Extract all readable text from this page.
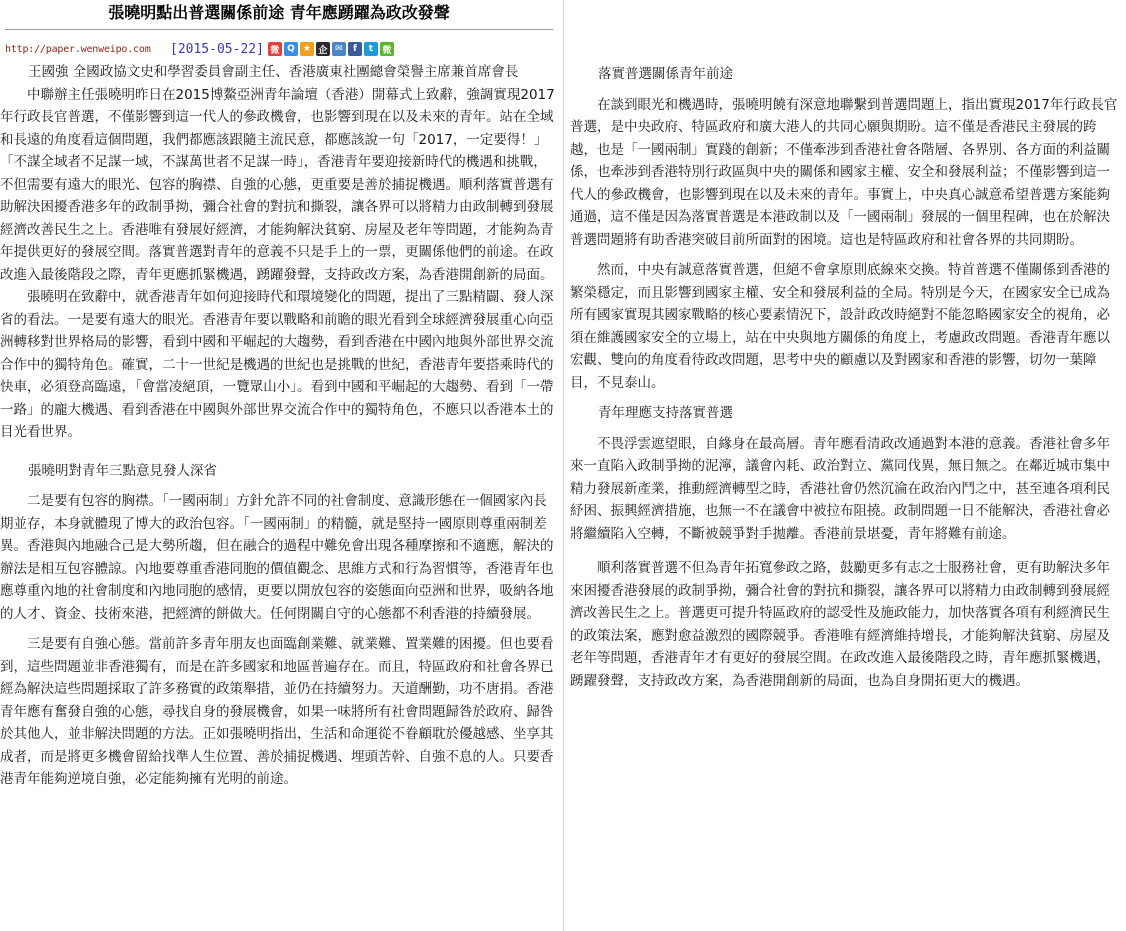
張曉明點出普選關係前途 青年應踴躍為政改發聲
http://paper.wenweipo.com	[2015-05-22] 微 Q ★ 企 ✉	f	t	微

王國強 全國政協文史和學習委員會副主任、香港廣東社團總會榮譽主席兼首席會長

中聯辦主任張曉明昨日在2015博鰲亞洲青年論壇（香港）開幕式上致辭，強調實現2017年行政長官普選，不僅影響到這一代人的參政機會，也影響到現在以及未來的青年。站在全域和長遠的角度看這個問題，我們都應該跟隨主流民意，都應該說一句「2017，一定要得！」「不謀全域者不足謀一域，不謀萬世者不足謀一時」，香港青年要迎接新時代的機遇和挑戰，不但需要有遠大的眼光、包容的胸襟、自強的心態，更重要是善於捕捉機遇。順利落實普選有助解決困擾香港多年的政制爭拗，彌合社會的對抗和撕裂，讓各界可以將精力由政制轉到發展經濟改善民生之上。香港唯有發展好經濟，才能夠解決貧窮、房屋及老年等問題，才能夠為青年提供更好的發展空間。落實普選對青年的意義不只是手上的一票，更關係他們的前途。在政改進入最後階段之際，青年更應抓緊機遇，踴躍發聲，支持政改方案，為香港開創新的局面。

張曉明在致辭中，就香港青年如何迎接時代和環境變化的問題，提出了三點精闢、發人深省的看法。一是要有遠大的眼光。香港青年要以戰略和前瞻的眼光看到全球經濟發展重心向亞洲轉移對世界格局的影響，看到中國和平崛起的大趨勢，看到香港在中國內地與外部世界交流合作中的獨特角色。確實，二十一世紀是機遇的世紀也是挑戰的世紀，香港青年要搭乘時代的快車，必須登高臨遠，「會當凌絕頂，一覽眾山小」。看到中國和平崛起的大趨勢、看到「一帶一路」的龐大機遇、看到香港在中國與外部世界交流合作中的獨特角色，不應只以香港本土的目光看世界。

張曉明對青年三點意見發人深省

二是要有包容的胸襟。「一國兩制」方針允許不同的社會制度、意識形態在一個國家內長期並存，本身就體現了博大的政治包容。「一國兩制」的精髓，就是堅持一國原則尊重兩制差異。香港與內地融合己是大勢所趨，但在融合的過程中難免會出現各種摩擦和不適應，解決的辦法是相互包容體諒。內地要尊重香港同胞的價值觀念、思維方式和行為習慣等，香港青年也應尊重內地的社會制度和內地同胞的感情，更要以開放包容的姿態面向亞洲和世界，吸納各地的人才、資金、技術來港，把經濟的餅做大。任何閉關自守的心態都不利香港的持續發展。

三是要有自強心態。當前許多青年朋友也面臨創業難、就業難、置業難的困擾。但也要看到，這些問題並非香港獨有，而是在許多國家和地區普遍存在。而且，特區政府和社會各界已經為解決這些問題採取了許多務實的政策舉措，並仍在持續努力。天道酬勤，功不唐捐。香港青年應有奮發自強的心態，尋找自身的發展機會，如果一味將所有社會問題歸咎於政府、歸咎於其他人，並非解決問題的方法。正如張曉明指出，生活和命運從不眷顧耽於優越感、坐享其成者，而是將更多機會留給找準人生位置、善於捕捉機遇、埋頭苦幹、自強不息的人。只要香港青年能夠逆境自強，必定能夠擁有光明的前途。

落實普選關係青年前途

在談到眼光和機遇時，張曉明饒有深意地聯繫到普選問題上，指出實現2017年行政長官普選，是中央政府、特區政府和廣大港人的共同心願與期盼。這不僅是香港民主發展的跨越，也是「一國兩制」實踐的創新；不僅牽涉到香港社會各階層、各界別、各方面的利益關係，也牽涉到香港特別行政區與中央的關係和國家主權、安全和發展利益；不僅影響到這一代人的參政機會，也影響到現在以及未來的青年。事實上，中央真心誠意希望普選方案能夠通過，這不僅是因為落實普選是本港政制以及「一國兩制」發展的一個里程碑，也在於解決普選問題將有助香港突破目前所面對的困境。這也是特區政府和社會各界的共同期盼。

然而，中央有誠意落實普選，但絕不會拿原則底線來交換。特首普選不僅關係到香港的繁榮穩定，而且影響到國家主權、安全和發展利益的全局。特別是今天，在國家安全已成為所有國家實現其國家戰略的核心要素情況下，設計政改時絕對不能忽略國家安全的視角，必須在維護國家安全的立場上，站在中央與地方關係的角度上，考慮政改問題。香港青年應以宏觀、雙向的角度看待政改問題，思考中央的顧慮以及對國家和香港的影響，切勿一葉障目，不見泰山。

青年理應支持落實普選

不畏浮雲遮望眼，自緣身在最高層。青年應看清政改通過對本港的意義。香港社會多年來一直陷入政制爭拗的泥濘，議會內耗、政治對立、黨同伐異，無日無之。在鄰近城市集中精力發展新產業，推動經濟轉型之時，香港社會仍然沉淪在政治內鬥之中，甚至連各項利民紓困、振興經濟措施，也無一不在議會中被拉布阻撓。政制問題一日不能解決，香港社會必將繼續陷入空轉，不斷被競爭對手拋離。香港前景堪憂，青年將難有前途。

順利落實普選不但為青年拓寬參政之路，鼓勵更多有志之士服務社會，更有助解決多年來困擾香港發展的政制爭拗，彌合社會的對抗和撕裂，讓各界可以將精力由政制轉到發展經濟改善民生之上。普選更可提升特區政府的認受性及施政能力，加快落實各項有利經濟民生的政策法案，應對愈益激烈的國際競爭。香港唯有經濟維持增長，才能夠解決貧窮、房屋及老年等問題，香港青年才有更好的發展空間。在政改進入最後階段之時，青年應抓緊機遇，踴躍發聲，支持政改方案，為香港開創新的局面，也為自身開拓更大的機遇。
